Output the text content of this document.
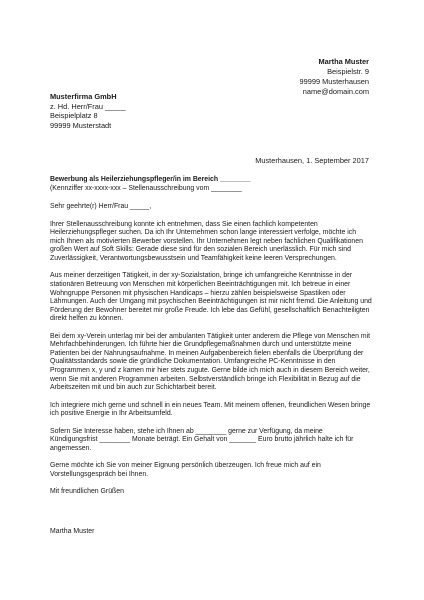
Martha Muster
Beispielstr. 9
99999 Musterhausen
name@domain.com
Musterfirma GmbH
z. Hd. Herr/Frau _____
Beispielplatz 8
99999 Musterstadt
Musterhausen, 1. September 2017
Bewerbung als Heilerziehungspfleger/in im Bereich ________
(Kennziffer xx-xxxx-xxx – Stellenausschreibung vom ________

Sehr geehrte(r) Herr/Frau _____,

Ihrer Stellenausschreibung konnte ich entnehmen, dass Sie einen fachlich kompetenten Heilerziehungspfleger suchen. Da ich Ihr Unternehmen schon lange interessiert verfolge, möchte ich mich Ihnen als motivierten Bewerber vorstellen. Ihr Unternehmen legt neben fachlichen Qualifikationen großen Wert auf Soft Skills: Gerade diese sind für den sozialen Bereich unerlässlich. Für mich sind Zuverlässigkeit, Verantwortungsbewusstsein und Teamfähigkeit keine leeren Versprechungen.

Aus meiner derzeitigen Tätigkeit, in der xy-Sozialstation, bringe ich umfangreiche Kenntnisse in der stationären Betreuung von Menschen mit körperlichen Beeinträchtigungen mit. Ich betreue in einer Wohngruppe Personen mit physischen Handicaps – hierzu zählen beispielsweise Spastiken oder Lähmungen. Auch der Umgang mit psychischen Beeinträchtigungen ist mir nicht fremd. Die Anleitung und Förderung der Bewohner bereitet mir große Freude. Ich lebe das Gefühl, gesellschaftlich Benachteiligten direkt helfen zu können.

Bei dem xy-Verein unterlag mir bei der ambulanten Tätigkeit unter anderem die Pflege von Menschen mit Mehrfachbehinderungen. Ich führte hier die Grundpflegemaßnahmen durch und unterstützte meine Patienten bei der Nahrungsaufnahme. In meinen Aufgabenbereich fielen ebenfalls die Überprüfung der Qualitätsstandards sowie die gründliche Dokumentation. Umfangreiche PC-Kenntnisse in den Programmen x, y und z kamen mir hier stets zugute. Gerne bilde ich mich auch in diesem Bereich weiter, wenn Sie mit anderen Programmen arbeiten. Selbstverständlich bringe ich Flexibilität in Bezug auf die Arbeitszeiten mit und bin auch zur Schichtarbeit bereit.

Ich integriere mich gerne und schnell in ein neues Team. Mit meinem offenen, freundlichen Wesen bringe ich positive Energie in Ihr Arbeitsumfeld.

Sofern Sie Interesse haben, stehe ich Ihnen ab ________ gerne zur Verfügung, da meine Kündigungsfrist ________ Monate beträgt. Ein Gehalt von _______ Euro brutto jährlich halte ich für angemessen.

Gerne möchte ich Sie von meiner Eignung persönlich überzeugen. Ich freue mich auf ein Vorstellungsgespräch bei Ihnen.

Mit freundlichen Grüßen

Martha Muster
